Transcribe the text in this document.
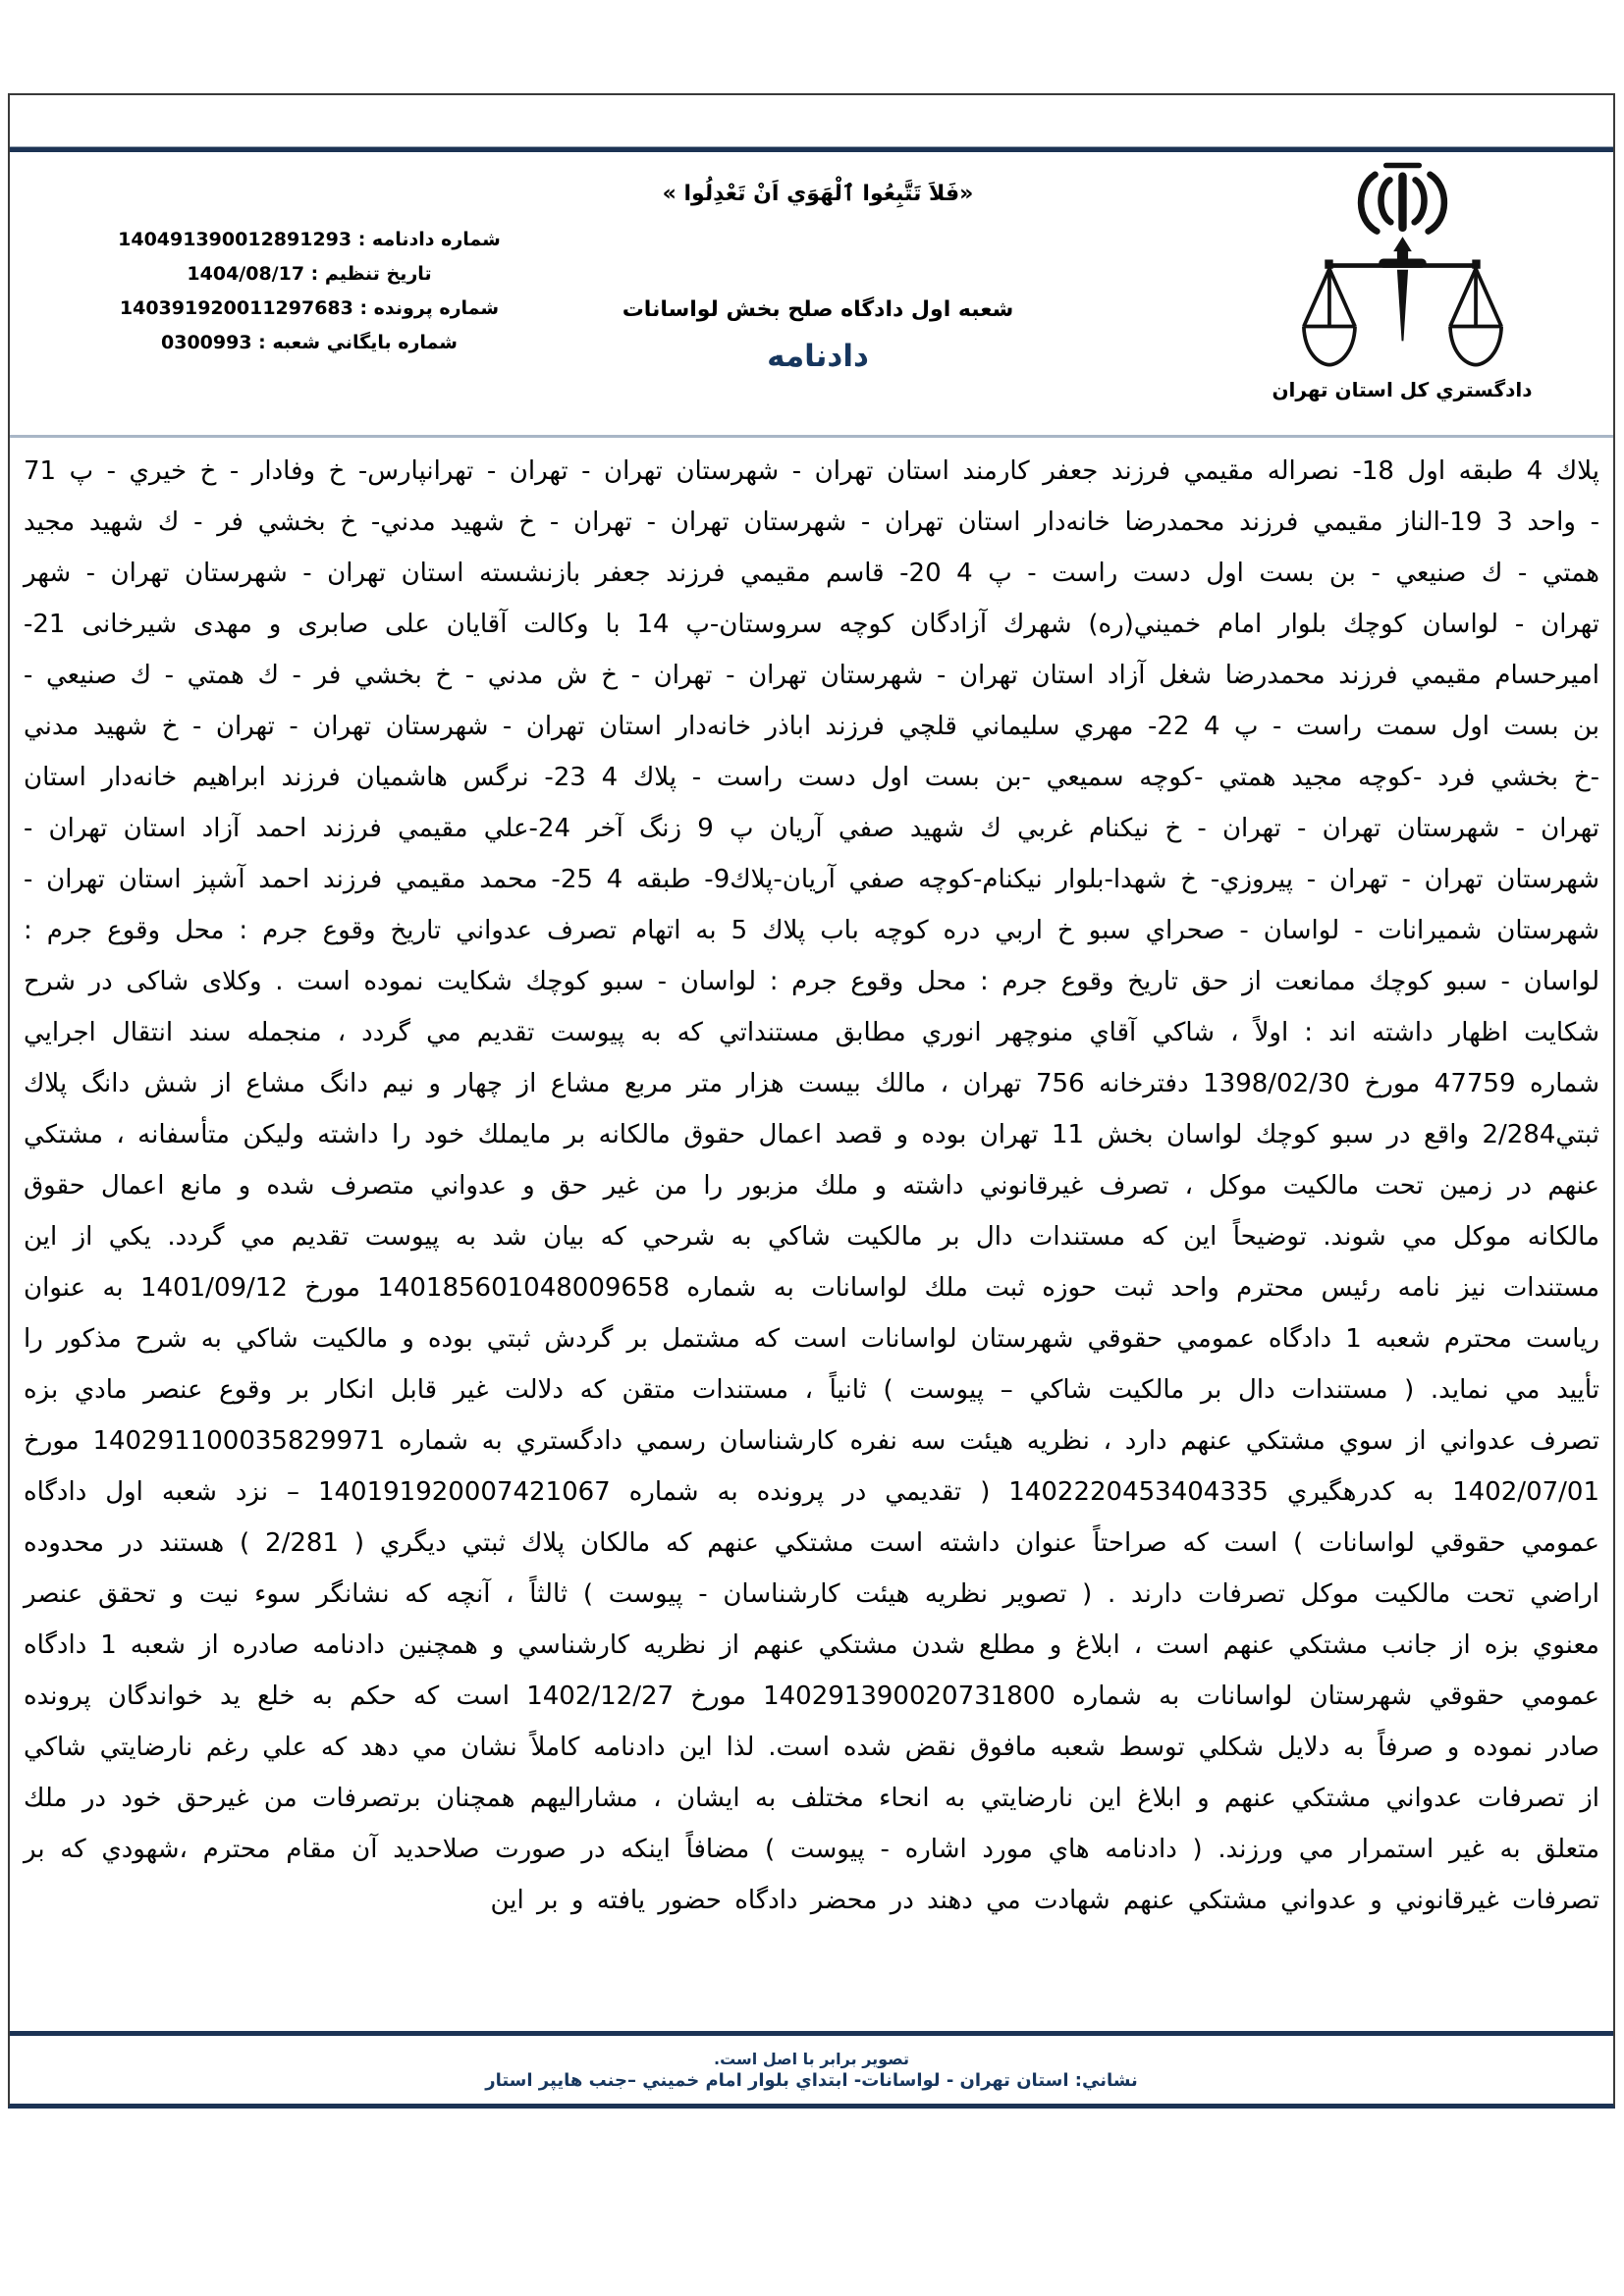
شماره دادنامه : 140491390012891293
تاريخ تنظيم : 1404/08/17
شماره پرونده : 140391920011297683
شماره بايگاني شعبه : 0300993
«فَلاَ تَتَّبِعُوا ٱلْهَوَي اَنْ تَعْدِلُوا »
شعبه اول دادگاه صلح بخش لواسانات
دادنامه
دادگستري كل استان تهران
پلاك 4 طبقه اول 18- نصراله مقيمي فرزند جعفر كارمند استان تهران - شهرستان تهران - تهران - تهرانپارس- خ وفادار - خ خيري - پ 71 - واحد 3 19-الناز مقيمي فرزند محمدرضا خانه‌دار استان تهران - شهرستان تهران - تهران - خ شهيد مدني- خ بخشي فر - ك شهيد مجيد همتي - ك صنيعي - بن بست اول دست راست - پ 4 20- قاسم مقيمي فرزند جعفر بازنشسته استان تهران - شهرستان تهران - شهر تهران - لواسان كوچك بلوار امام خميني(ره) شهرك آزادگان كوچه سروستان-پ 14 با وكالت آقايان علی صابری و مهدی شيرخانی 21- اميرحسام مقيمي فرزند محمدرضا شغل آزاد استان تهران - شهرستان تهران - تهران - خ ش مدني - خ بخشي فر - ك همتي - ك صنيعي - بن بست اول سمت راست - پ 4 22- مهري سليماني قلچي فرزند اباذر خانه‌دار استان تهران - شهرستان تهران - تهران - خ شهيد مدني -خ بخشي فرد -كوچه مجيد همتي -كوچه سميعي -بن بست اول دست راست - پلاك 4 23- نرگس هاشميان فرزند ابراهيم خانه‌دار استان تهران - شهرستان تهران - تهران - خ نيكنام غربي ك شهيد صفي آريان پ 9 زنگ آخر 24-علي مقيمي فرزند احمد آزاد استان تهران - شهرستان تهران - تهران - پيروزي- خ شهدا-بلوار نيكنام-كوچه صفي آريان-پلاك9- طبقه 4 25- محمد مقيمي فرزند احمد آشپز استان تهران - شهرستان شميرانات - لواسان - صحراي سبو خ اربي دره كوچه باب پلاك 5 به اتهام تصرف عدواني تاريخ وقوع جرم : محل وقوع جرم : لواسان - سبو كوچك ممانعت از حق تاريخ وقوع جرم : محل وقوع جرم : لواسان - سبو كوچك شكايت نموده است . وكلای شاكی در شرح شكايت اظهار داشته اند : اولاً ، شاكي آقاي منوچهر انوري مطابق مستنداتي كه به پيوست تقديم مي گردد ، منجمله سند انتقال اجرايي شماره 47759 مورخ 1398/02/30 دفترخانه 756 تهران ، مالك بيست هزار متر مربع مشاع از چهار و نيم دانگ مشاع از شش دانگ پلاك ثبتي2/284 واقع در سبو كوچك لواسان بخش 11 تهران بوده و قصد اعمال حقوق مالكانه بر مايملك خود را داشته وليكن متأسفانه ، مشتكي عنهم در زمين تحت مالكيت موكل ، تصرف غيرقانوني داشته و ملك مزبور را من غير حق و عدواني متصرف شده و مانع اعمال حقوق مالكانه موكل مي شوند. توضيحاً اين كه مستندات دال بر مالكيت شاكي به شرحي كه بيان شد به پيوست تقديم مي گردد. يكي از اين مستندات نيز نامه رئيس محترم واحد ثبت حوزه ثبت ملك لواسانات به شماره 140185601048009658 مورخ 1401/09/12 به عنوان رياست محترم شعبه 1 دادگاه عمومي حقوقي شهرستان لواسانات است كه مشتمل بر گردش ثبتي بوده و مالكيت شاكي به شرح مذكور را تأييد مي نمايد. ( مستندات دال بر مالكيت شاكي – پيوست ) ثانياً ، مستندات متقن كه دلالت غير قابل انكار بر وقوع عنصر مادي بزه تصرف عدواني از سوي مشتكي عنهم دارد ، نظريه هيئت سه نفره كارشناسان رسمي دادگستري به شماره 140291100035829971 مورخ 1402/07/01 به كدرهگيري 1402220453404335 ( تقديمي در پرونده به شماره 140191920007421067 – نزد شعبه اول دادگاه عمومي حقوقي لواسانات ) است كه صراحتاً عنوان داشته است مشتكي عنهم كه مالكان پلاك ثبتي ديگري ( 2/281 ) هستند در محدوده اراضي تحت مالكيت موكل تصرفات دارند . ( تصوير نظريه هيئت كارشناسان - پيوست ) ثالثاً ، آنچه كه نشانگر سوء نيت و تحقق عنصر معنوي بزه از جانب مشتكي عنهم است ، ابلاغ و مطلع شدن مشتكي عنهم از نظريه كارشناسي و همچنين دادنامه صادره از شعبه 1 دادگاه عمومي حقوقي شهرستان لواسانات به شماره 140291390020731800 مورخ 1402/12/27 است كه حكم به خلع يد خواندگان پرونده صادر نموده و صرفاً به دلايل شكلي توسط شعبه مافوق نقض شده است. لذا اين دادنامه كاملاً نشان مي دهد كه علي رغم نارضايتي شاكي از تصرفات عدواني مشتكي عنهم و ابلاغ اين نارضايتي به انحاء مختلف به ايشان ، مشاراليهم همچنان برتصرفات من غيرحق خود در ملك متعلق به غير استمرار مي ورزند. ( دادنامه هاي مورد اشاره - پيوست ) مضافاً اينكه در صورت صلاحديد آن مقام محترم ،شهودي كه بر تصرفات غيرقانوني و عدواني مشتكي عنهم شهادت مي دهند در محضر دادگاه حضور يافته و بر اين
تصوير برابر با اصل است.
نشاني: استان تهران - لواسانات- ابتداي بلوار امام خميني –جنب هايپر استار
